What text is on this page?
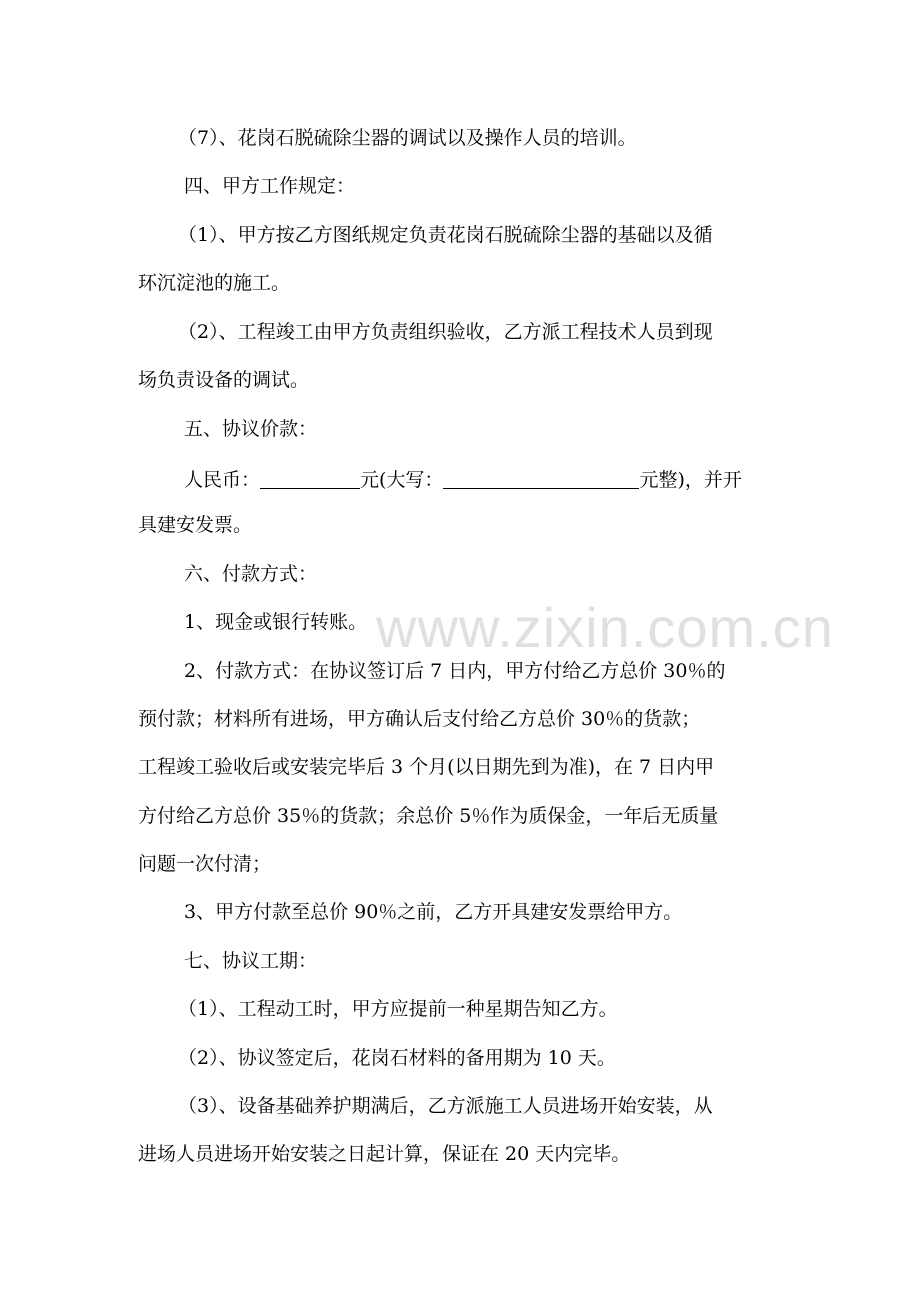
（7）、花岗石脱硫除尘器的调试以及操作人员的培训。
四、甲方工作规定：
（1）、甲方按乙方图纸规定负责花岗石脱硫除尘器的基础以及循
环沉淀池的施工。
（2）、工程竣工由甲方负责组织验收，乙方派工程技术人员到现
场负责设备的调试。
五、协议价款：
人民币：	元(大写：	元整)，并开
具建安发票。
六、付款方式：
1、现金或银行转账。
2、付款方式：在协议签订后 7 日内，甲方付给乙方总价 30％的
预付款；材料所有进场，甲方确认后支付给乙方总价 30％的货款；
工程竣工验收后或安装完毕后 3 个月(以日期先到为准)，在 7 日内甲
方付给乙方总价 35％的货款；余总价 5％作为质保金，一年后无质量
问题一次付清；
3、甲方付款至总价 90％之前，乙方开具建安发票给甲方。
七、协议工期：
（1）、工程动工时，甲方应提前一种星期告知乙方。
（2）、协议签定后，花岗石材料的备用期为 10 天。
（3）、设备基础养护期满后，乙方派施工人员进场开始安装，从
进场人员进场开始安装之日起计算，保证在 20 天内完毕。
www.zixin.com.cn
